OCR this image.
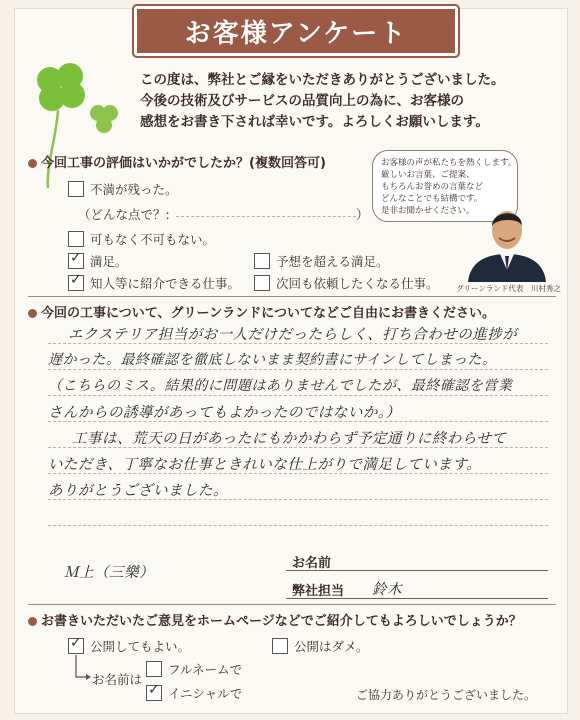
お客様アンケート
この度は、弊社とご縁をいただきありがとうございました。
今後の技術及びサービスの品質向上の為に、お客様の
感想をお書き下されば幸いです。よろしくお願いします。
今回工事の評価はいかがでしたか？(複数回答可)
不満が残った。
（どんな点で？:	）
可もなく不可もない。
✓
満足。	予想を超える満足。
✓
知人等に紹介できる仕事。	次回も依頼したくなる仕事。
お客様の声が私たちを熱くします。
厳しいお言葉、ご提案、
もちろんお誉めの言葉など
どんなことでも結構です。
是非お聞かせください。
グリーンランド代表　川村秀之
今回の工事について、グリーンランドについてなどご自由にお書きください。
エクステリア担当がお一人だけだったらしく、打ち合わせの進捗が
遅かった。最終確認を徹底しないまま契約書にサインしてしまった。
（こちらのミス。結果的に問題はありませんでしたが、最終確認を営業
さんからの誘導があってもよかったのではないか。）
工事は、荒天の日があったにもかかわらず予定通りに終わらせて
いただき、丁寧なお仕事ときれいな仕上がりで満足しています。
ありがとうございました。
Ｍ上（三樂）
お名前
弊社担当 鈴木
お書きいただいたご意見をホームページなどでご紹介してもよろしいでしょうか？
✓
公開してもよい。	公開はダメ。
お名前は
フルネームで
✓
イニシャルで	ご協力ありがとうございました。
